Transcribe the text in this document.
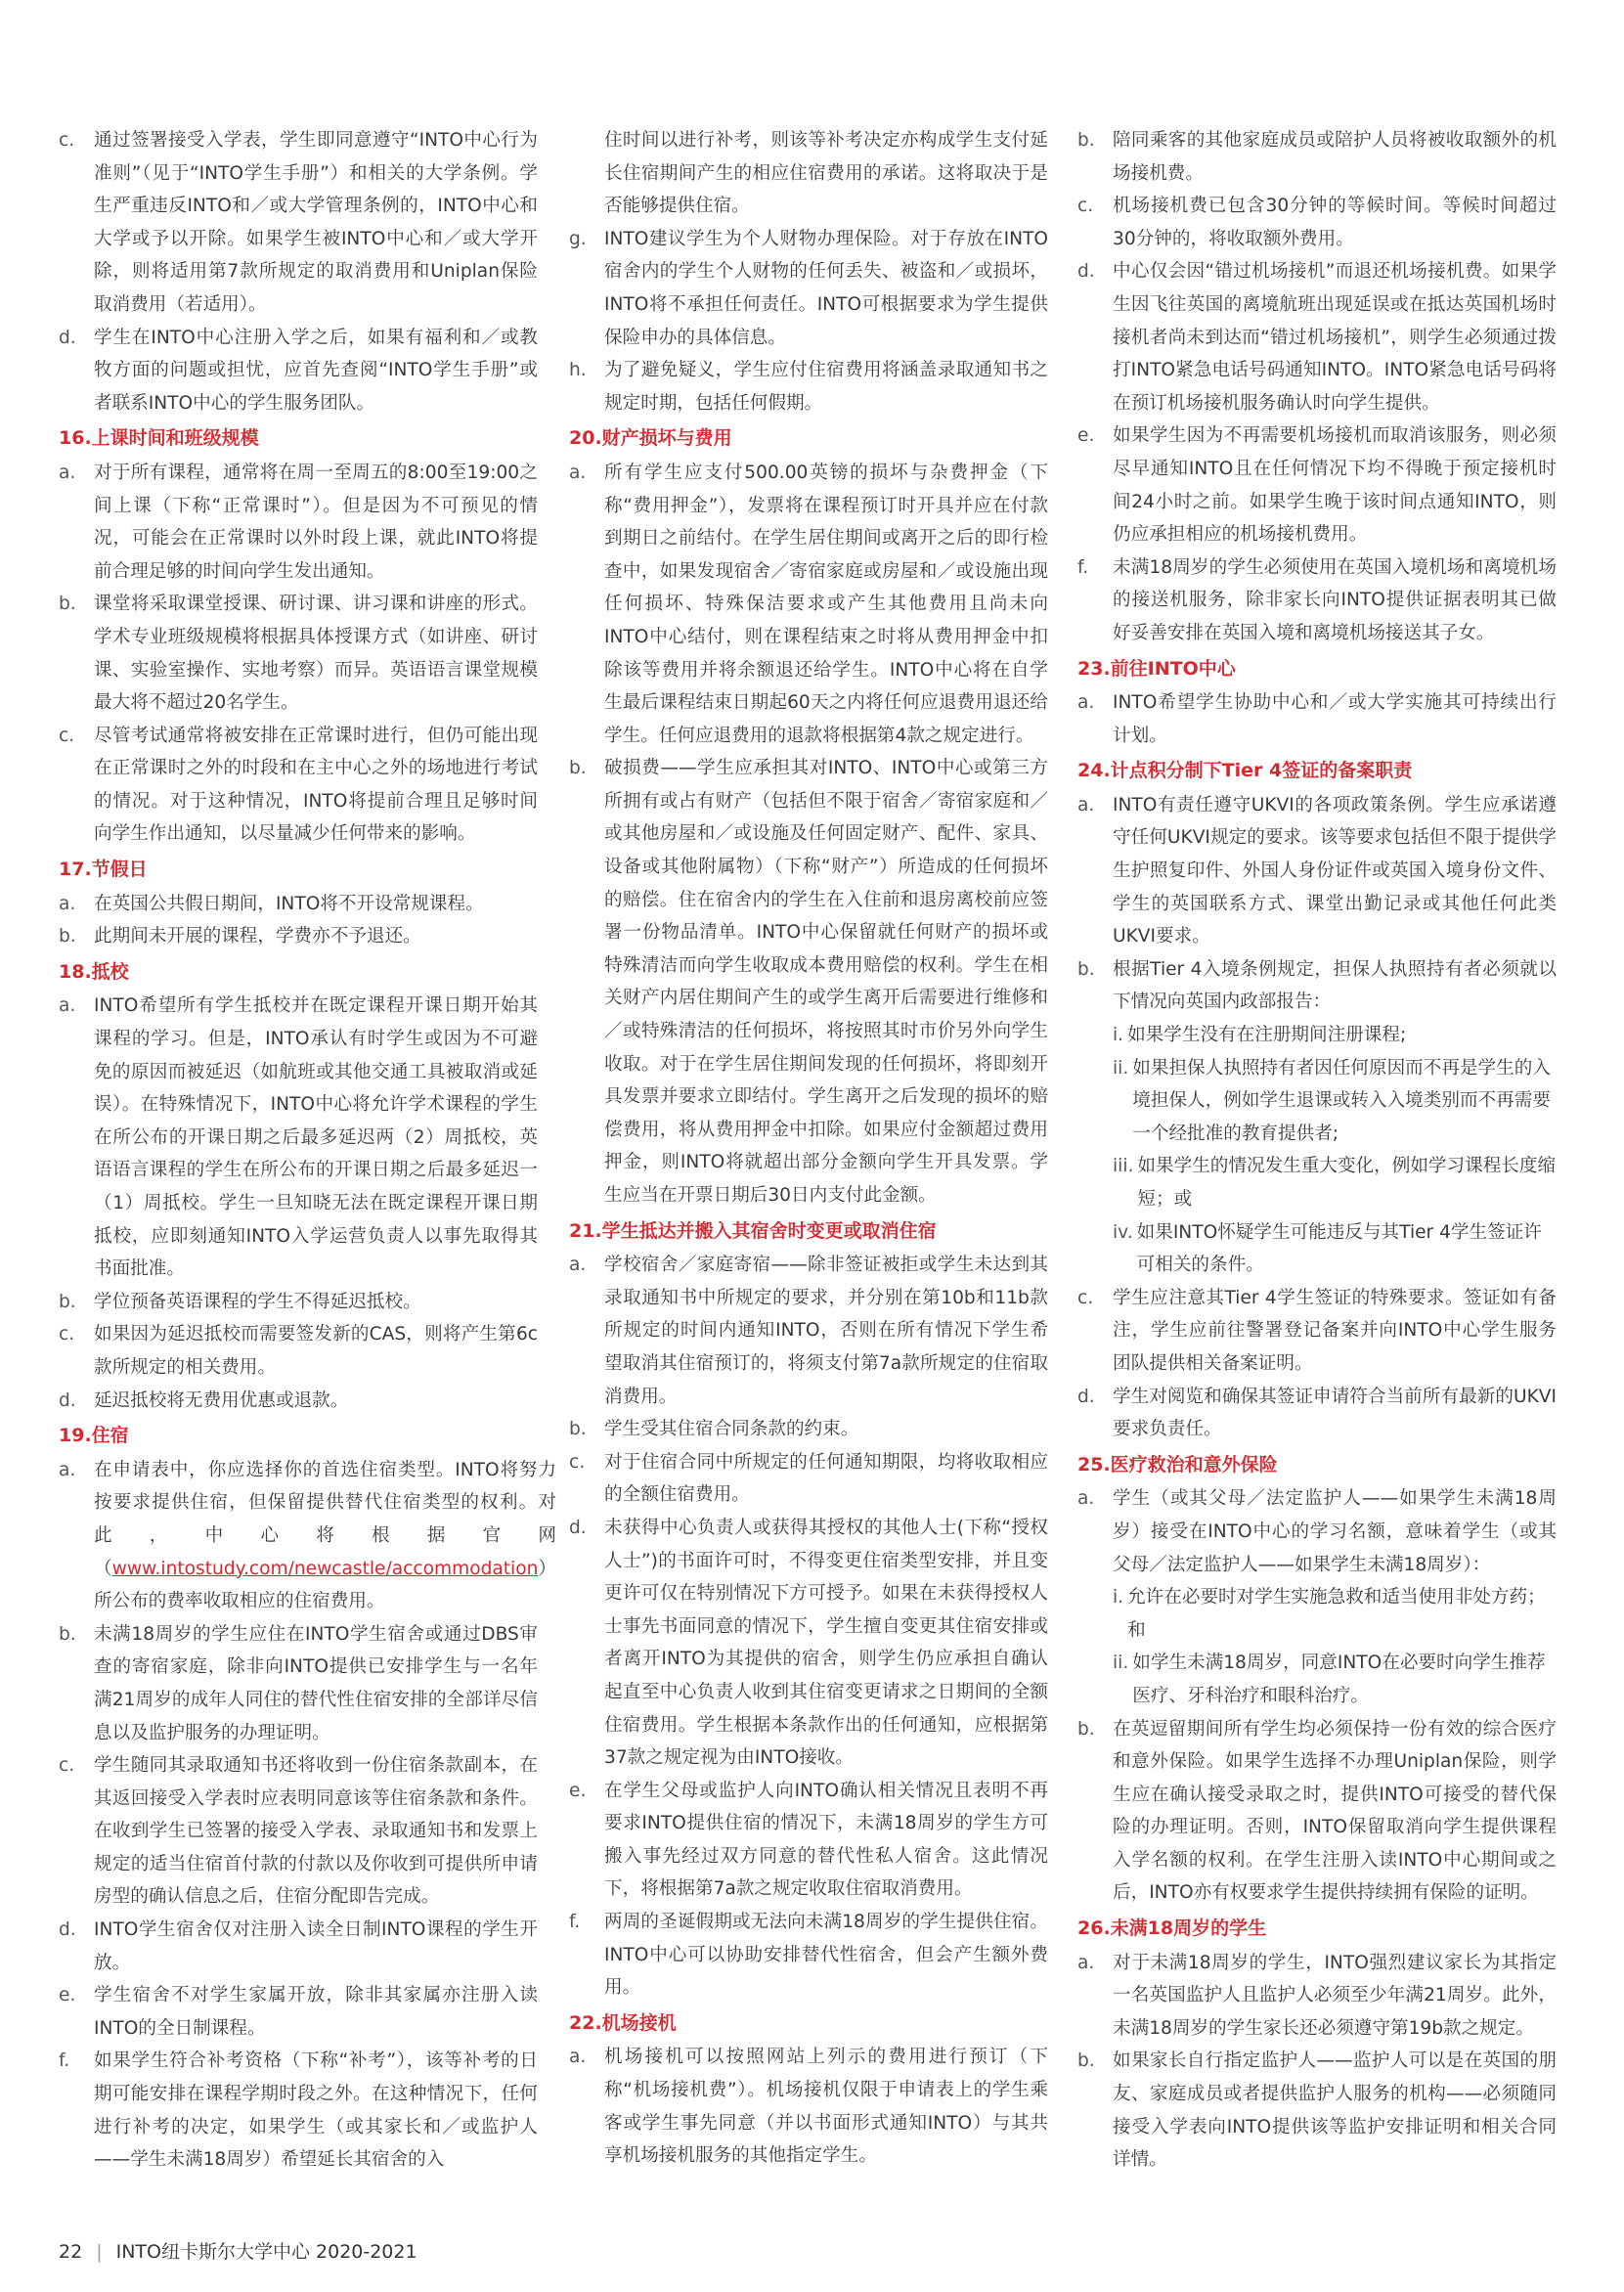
c.	通过签署接受入学表，学生即同意遵守“INTO中心行为准则”（见于“INTO学生手册”）和相关的大学条例。学生严重违反INTO和／或大学管理条例的，INTO中心和大学或予以开除。如果学生被INTO中心和／或大学开除，则将适用第7款所规定的取消费用和Uniplan保险取消费用（若适用）。
d. 学生在INTO中心注册入学之后，如果有福利和／或教牧方面的问题或担忧，应首先查阅“INTO学生手册”或者联系INTO中心的学生服务团队。
16.上课时间和班级规模
a.	对于所有课程，通常将在周一至周五的8:00至19:00之间上课（下称“正常课时”）。但是因为不可预见的情况，可能会在正常课时以外时段上课，就此INTO将提前合理足够的时间向学生发出通知。
b. 课堂将采取课堂授课、研讨课、讲习课和讲座的形式。学术专业班级规模将根据具体授课方式（如讲座、研讨课、实验室操作、实地考察）而异。英语语言课堂规模最大将不超过20名学生。
c.	尽管考试通常将被安排在正常课时进行，但仍可能出现在正常课时之外的时段和在主中心之外的场地进行考试的情况。对于这种情况，INTO将提前合理且足够时间向学生作出通知，以尽量减少任何带来的影响。
17.节假日
a.	在英国公共假日期间，INTO将不开设常规课程。
b. 此期间未开展的课程，学费亦不予退还。
18.抵校
a.	INTO希望所有学生抵校并在既定课程开课日期开始其课程的学习。但是，INTO承认有时学生或因为不可避免的原因而被延迟（如航班或其他交通工具被取消或延误）。在特殊情况下，INTO中心将允许学术课程的学生在所公布的开课日期之后最多延迟两（2）周抵校，英语语言课程的学生在所公布的开课日期之后最多延迟一（1）周抵校。学生一旦知晓无法在既定课程开课日期抵校，应即刻通知INTO入学运营负责人以事先取得其书面批准。
b. 学位预备英语课程的学生不得延迟抵校。
c.	如果因为延迟抵校而需要签发新的CAS，则将产生第6c款所规定的相关费用。
d. 延迟抵校将无费用优惠或退款。
19.住宿
a.	在申请表中，你应选择你的首选住宿类型。INTO将努力按要求提供住宿，但保留提供替代住宿类型的权利。对此，中心将根据官网（www.intostudy.com/newcastle/accommodation）所公布的费率收取相应的住宿费用。
b. 未满18周岁的学生应住在INTO学生宿舍或通过DBS审查的寄宿家庭，除非向INTO提供已安排学生与一名年满21周岁的成年人同住的替代性住宿安排的全部详尽信息以及监护服务的办理证明。
c.	学生随同其录取通知书还将收到一份住宿条款副本，在其返回接受入学表时应表明同意该等住宿条款和条件。在收到学生已签署的接受入学表、录取通知书和发票上规定的适当住宿首付款的付款以及你收到可提供所申请房型的确认信息之后，住宿分配即告完成。
d. INTO学生宿舍仅对注册入读全日制INTO课程的学生开放。
e.	学生宿舍不对学生家属开放，除非其家属亦注册入读INTO的全日制课程。
f.	如果学生符合补考资格（下称“补考”），该等补考的日期可能安排在课程学期时段之外。在这种情况下，任何进行补考的决定，如果学生（或其家长和／或监护人——学生未满18周岁）希望延长其宿舍的入
住时间以进行补考，则该等补考决定亦构成学生支付延长住宿期间产生的相应住宿费用的承诺。这将取决于是否能够提供住宿。
g. INTO建议学生为个人财物办理保险。对于存放在INTO宿舍内的学生个人财物的任何丢失、被盗和／或损坏，INTO将不承担任何责任。INTO可根据要求为学生提供保险申办的具体信息。
h. 为了避免疑义，学生应付住宿费用将涵盖录取通知书之规定时期，包括任何假期。
20.财产损坏与费用
a.	所有学生应支付500.00英镑的损坏与杂费押金（下称“费用押金”），发票将在课程预订时开具并应在付款到期日之前结付。在学生居住期间或离开之后的即行检查中，如果发现宿舍／寄宿家庭或房屋和／或设施出现任何损坏、特殊保洁要求或产生其他费用且尚未向INTO中心结付，则在课程结束之时将从费用押金中扣除该等费用并将余额退还给学生。INTO中心将在自学生最后课程结束日期起60天之内将任何应退费用退还给学生。任何应退费用的退款将根据第4款之规定进行。
b. 破损费——学生应承担其对INTO、INTO中心或第三方所拥有或占有财产（包括但不限于宿舍／寄宿家庭和／或其他房屋和／或设施及任何固定财产、配件、家具、设备或其他附属物）（下称“财产”）所造成的任何损坏的赔偿。住在宿舍内的学生在入住前和退房离校前应签署一份物品清单。INTO中心保留就任何财产的损坏或特殊清洁而向学生收取成本费用赔偿的权利。学生在相关财产内居住期间产生的或学生离开后需要进行维修和／或特殊清洁的任何损坏，将按照其时市价另外向学生收取。对于在学生居住期间发现的任何损坏，将即刻开具发票并要求立即结付。学生离开之后发现的损坏的赔偿费用，将从费用押金中扣除。如果应付金额超过费用押金，则INTO将就超出部分金额向学生开具发票。学生应当在开票日期后30日内支付此金额。
21.学生抵达并搬入其宿舍时变更或取消住宿
a.	学校宿舍／家庭寄宿——除非签证被拒或学生未达到其录取通知书中所规定的要求，并分别在第10b和11b款所规定的时间内通知INTO，否则在所有情况下学生希望取消其住宿预订的，将须支付第7a款所规定的住宿取消费用。
b. 学生受其住宿合同条款的约束。
c.	对于住宿合同中所规定的任何通知期限，均将收取相应的全额住宿费用。
d. 未获得中心负责人或获得其授权的其他人士(下称“授权人士”)的书面许可时，不得变更住宿类型安排，并且变更许可仅在特别情况下方可授予。如果在未获得授权人士事先书面同意的情况下，学生擅自变更其住宿安排或者离开INTO为其提供的宿舍，则学生仍应承担自确认起直至中心负责人收到其住宿变更请求之日期间的全额住宿费用。学生根据本条款作出的任何通知，应根据第37款之规定视为由INTO接收。
e.	在学生父母或监护人向INTO确认相关情况且表明不再要求INTO提供住宿的情况下，未满18周岁的学生方可搬入事先经过双方同意的替代性私人宿舍。这此情况下，将根据第7a款之规定收取住宿取消费用。
f.	两周的圣诞假期或无法向未满18周岁的学生提供住宿。INTO中心可以协助安排替代性宿舍，但会产生额外费用。
22.机场接机
a.	机场接机可以按照网站上列示的费用进行预订（下称“机场接机费”）。机场接机仅限于申请表上的学生乘客或学生事先同意（并以书面形式通知INTO）与其共享机场接机服务的其他指定学生。
b. 陪同乘客的其他家庭成员或陪护人员将被收取额外的机场接机费。
c.	机场接机费已包含30分钟的等候时间。等候时间超过30分钟的，将收取额外费用。
d. 中心仅会因“错过机场接机”而退还机场接机费。如果学生因飞往英国的离境航班出现延误或在抵达英国机场时接机者尚未到达而“错过机场接机”，则学生必须通过拨打INTO紧急电话号码通知INTO。INTO紧急电话号码将在预订机场接机服务确认时向学生提供。
e.	如果学生因为不再需要机场接机而取消该服务，则必须尽早通知INTO且在任何情况下均不得晚于预定接机时间24小时之前。如果学生晚于该时间点通知INTO，则仍应承担相应的机场接机费用。
f.	未满18周岁的学生必须使用在英国入境机场和离境机场的接送机服务，除非家长向INTO提供证据表明其已做好妥善安排在英国入境和离境机场接送其子女。
23.前往INTO中心
a.	INTO希望学生协助中心和／或大学实施其可持续出行计划。
24.计点积分制下Tier 4签证的备案职责
a.	INTO有责任遵守UKVI的各项政策条例。学生应承诺遵守任何UKVI规定的要求。该等要求包括但不限于提供学生护照复印件、外国人身份证件或英国入境身份文件、学生的英国联系方式、课堂出勤记录或其他任何此类UKVI要求。
b. 根据Tier 4入境条例规定，担保人执照持有者必须就以下情况向英国内政部报告：
i. 如果学生没有在注册期间注册课程;
ii. 如果担保人执照持有者因任何原因而不再是学生的入境担保人，例如学生退课或转入入境类别而不再需要一个经批准的教育提供者;
iii. 如果学生的情况发生重大变化，例如学习课程长度缩短；或
iv. 如果INTO怀疑学生可能违反与其Tier 4学生签证许可相关的条件。
c.	学生应注意其Tier 4学生签证的特殊要求。签证如有备注，学生应前往警署登记备案并向INTO中心学生服务团队提供相关备案证明。
d. 学生对阅览和确保其签证申请符合当前所有最新的UKVI要求负责任。
25.医疗救治和意外保险
a.	学生（或其父母／法定监护人——如果学生未满18周岁）接受在INTO中心的学习名额，意味着学生（或其父母／法定监护人——如果学生未满18周岁）：
i. 允许在必要时对学生实施急救和适当使用非处方药；和
ii. 如学生未满18周岁，同意INTO在必要时向学生推荐医疗、牙科治疗和眼科治疗。
b. 在英逗留期间所有学生均必须保持一份有效的综合医疗和意外保险。如果学生选择不办理Uniplan保险，则学生应在确认接受录取之时，提供INTO可接受的替代保险的办理证明。否则，INTO保留取消向学生提供课程入学名额的权利。在学生注册入读INTO中心期间或之后，INTO亦有权要求学生提供持续拥有保险的证明。
26.未满18周岁的学生
a.	对于未满18周岁的学生，INTO强烈建议家长为其指定一名英国监护人且监护人必须至少年满21周岁。此外，未满18周岁的学生家长还必须遵守第19b款之规定。
b. 如果家长自行指定监护人——监护人可以是在英国的朋友、家庭成员或者提供监护人服务的机构——必须随同接受入学表向INTO提供该等监护安排证明和相关合同详情。
22 | INTO纽卡斯尔大学中心 2020-2021
